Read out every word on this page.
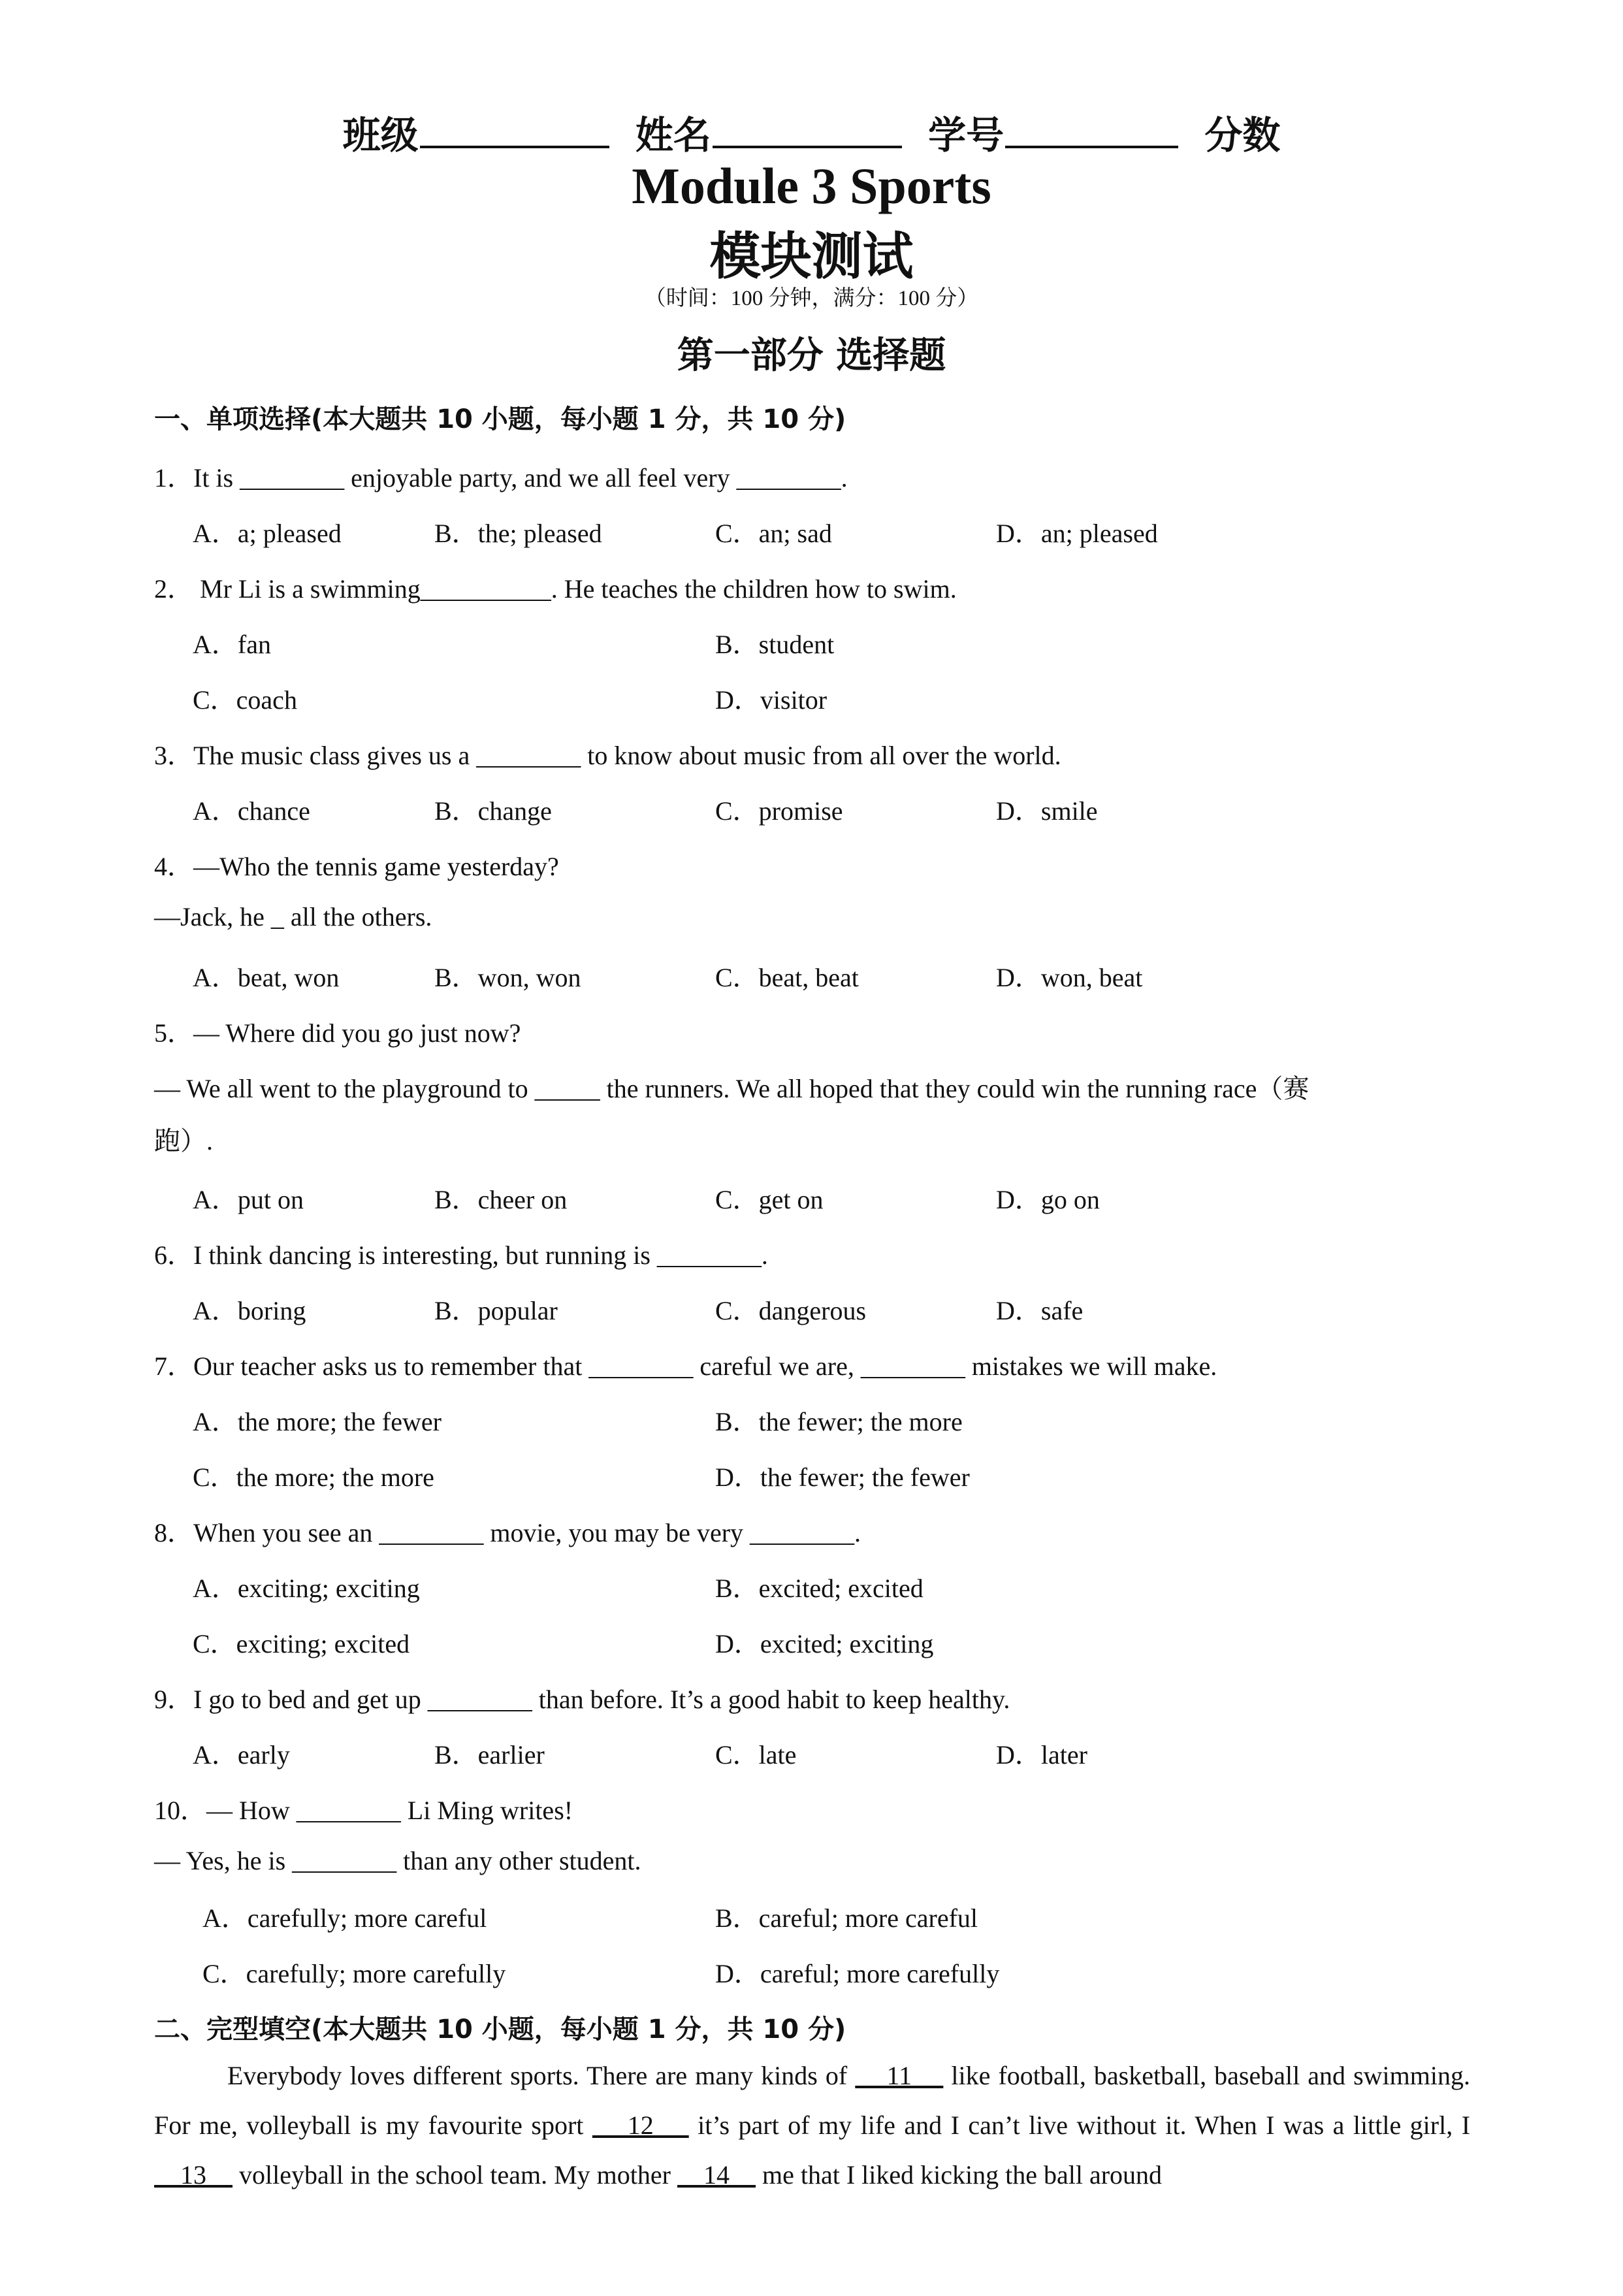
班级	姓名	学号	分数
Module 3 Sports
模块测试
（时间：100 分钟，满分：100 分）
第一部分 选择题
一、单项选择(本大题共 10 小题，每小题 1 分，共 10 分)
1．It is ________ enjoyable party, and we all feel very ________.
A．a; pleased	B．the; pleased	C．an; sad	D．an; pleased
2． Mr Li is a swimming__________. He teaches the children how to swim.
A．fan	B．student
C．coach	D．visitor
3．The music class gives us a ________ to know about music from all over the world.
A．chance	B．change	C．promise	D．smile
4．—Who the tennis game yesterday?
—Jack, he _ all the others.
A．beat, won	B．won, won	C．beat, beat	D．won, beat
5．— Where did you go just now?
— We all went to the playground to _____ the runners. We all hoped that they could win the running race（赛
跑）.
A．put on	B．cheer on	C．get on	D．go on
6．I think dancing is interesting, but running is ________.
A．boring	B．popular	C．dangerous	D．safe
7．Our teacher asks us to remember that ________ careful we are, ________ mistakes we will make.
A．the more; the fewer	B．the fewer; the more
C．the more; the more	D．the fewer; the fewer
8．When you see an ________ movie, you may be very ________.
A．exciting; exciting	B．excited; excited
C．exciting; excited	D．excited; exciting
9．I go to bed and get up ________ than before. It’s a good habit to keep healthy.
A．early	B．earlier	C．late	D．later
10．— How ________ Li Ming writes!
— Yes, he is ________ than any other student.
A．carefully; more careful	B．careful; more careful
C．carefully; more carefully	D．careful; more carefully
二、完型填空(本大题共 10 小题，每小题 1 分，共 10 分)
Everybody loves different sports. There are many kinds of     11     like football, basketball, baseball and swimming. For me, volleyball is my favourite sport     12     it’s part of my life and I can’t live without it. When I was a little girl, I     13     volleyball in the school team. My mother     14     me that I liked kicking the ball around
